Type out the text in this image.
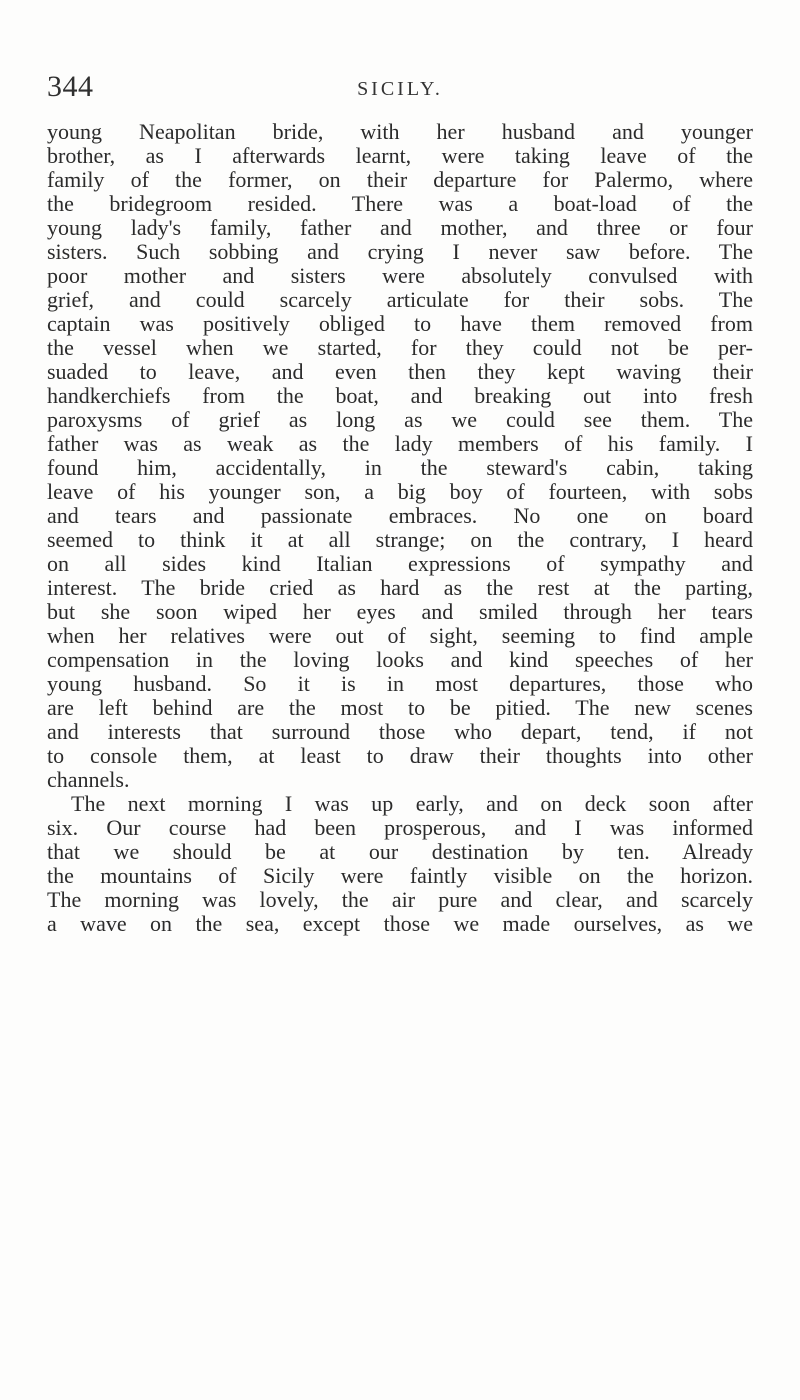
344	SICILY.
young Neapolitan bride, with her husband and younger
brother, as I afterwards learnt, were taking leave of the
family of the former, on their departure for Palermo, where
the bridegroom resided. There was a boat-load of the
young lady's family, father and mother, and three or four
sisters. Such sobbing and crying I never saw before. The
poor mother and sisters were absolutely convulsed with
grief, and could scarcely articulate for their sobs. The
captain was positively obliged to have them removed from
the vessel when we started, for they could not be per-
suaded to leave, and even then they kept waving their
handkerchiefs from the boat, and breaking out into fresh
paroxysms of grief as long as we could see them. The
father was as weak as the lady members of his family. I
found him, accidentally, in the steward's cabin, taking
leave of his younger son, a big boy of fourteen, with sobs
and tears and passionate embraces. No one on board
seemed to think it at all strange; on the contrary, I heard
on all sides kind Italian expressions of sympathy and
interest. The bride cried as hard as the rest at the parting,
but she soon wiped her eyes and smiled through her tears
when her relatives were out of sight, seeming to find ample
compensation in the loving looks and kind speeches of her
young husband. So it is in most departures, those who
are left behind are the most to be pitied. The new scenes
and interests that surround those who depart, tend, if not
to console them, at least to draw their thoughts into other
channels.
The next morning I was up early, and on deck soon after
six. Our course had been prosperous, and I was informed
that we should be at our destination by ten. Already
the mountains of Sicily were faintly visible on the horizon.
The morning was lovely, the air pure and clear, and scarcely
a wave on the sea, except those we made ourselves, as we
